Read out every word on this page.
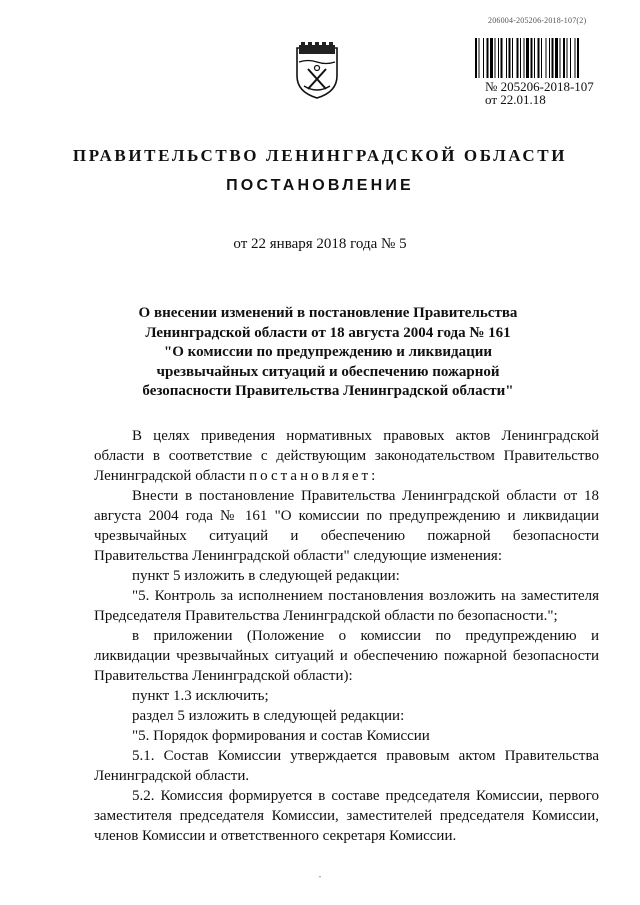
206004-205206-2018-107(2)
№ 205206-2018-107
от 22.01.18
ПРАВИТЕЛЬСТВО ЛЕНИНГРАДСКОЙ ОБЛАСТИ
ПОСТАНОВЛЕНИЕ
от 22 января 2018 года № 5
О внесении изменений в постановление Правительства
Ленинградской области от 18 августа 2004 года № 161
"О комиссии по предупреждению и ликвидации
чрезвычайных ситуаций и обеспечению пожарной
безопасности Правительства Ленинградской области"

В целях приведения нормативных правовых актов Ленинградской области в соответствие с действующим законодательством Правительство Ленинградской области постановляет:

Внести в постановление Правительства Ленинградской области от 18 августа 2004 года № 161 "О комиссии по предупреждению и ликвидации чрезвычайных ситуаций и обеспечению пожарной безопасности Правительства Ленинградской области" следующие изменения:

пункт 5 изложить в следующей редакции:

"5. Контроль за исполнением постановления возложить на заместителя Председателя Правительства Ленинградской области по безопасности.";

в приложении (Положение о комиссии по предупреждению и ликвидации чрезвычайных ситуаций и обеспечению пожарной безопасности Правительства Ленинградской области):

пункт 1.3 исключить;

раздел 5 изложить в следующей редакции:

"5. Порядок формирования и состав Комиссии

5.1. Состав Комиссии утверждается правовым актом Правительства Ленинградской области.

5.2. Комиссия формируется в составе председателя Комиссии, первого заместителя председателя Комиссии, заместителей председателя Комиссии, членов Комиссии и ответственного секретаря Комиссии.

-
